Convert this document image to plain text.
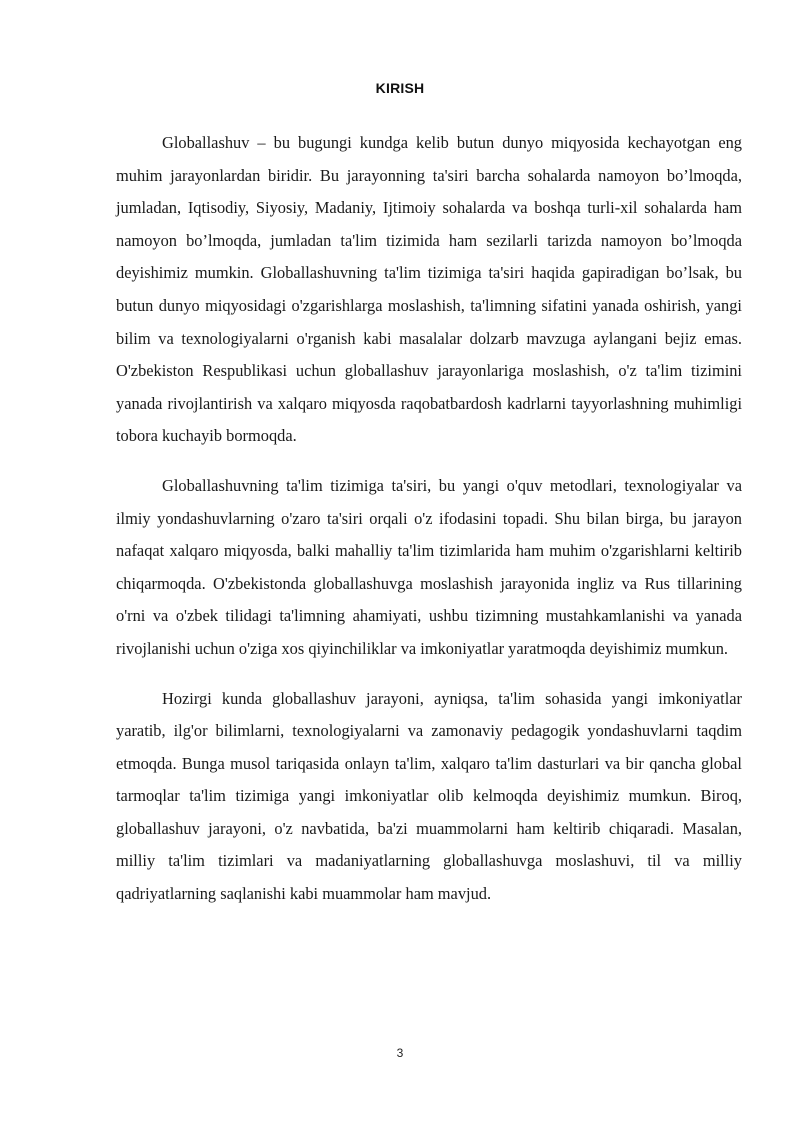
KIRISH

Globallashuv – bu bugungi kundga kelib butun dunyo miqyosida kechayotgan eng muhim jarayonlardan biridir. Bu jarayonning ta'siri barcha sohalarda namoyon bo’lmoqda, jumladan, Iqtisodiy, Siyosiy, Madaniy, Ijtimoiy sohalarda va boshqa turli-xil sohalarda ham namoyon bo’lmoqda, jumladan ta'lim tizimida ham sezilarli tarizda namoyon bo’lmoqda deyishimiz mumkin. Globallashuvning ta'lim tizimiga ta'siri haqida gapiradigan bo’lsak, bu butun dunyo miqyosidagi o'zgarishlarga moslashish, ta'limning sifatini yanada oshirish, yangi bilim va texnologiyalarni o'rganish kabi masalalar dolzarb mavzuga aylangani bejiz emas. O'zbekiston Respublikasi uchun globallashuv jarayonlariga moslashish, o'z ta'lim tizimini yanada rivojlantirish va xalqaro miqyosda raqobatbardosh kadrlarni tayyorlashning muhimligi tobora kuchayib bormoqda.

Globallashuvning ta'lim tizimiga ta'siri, bu yangi o'quv metodlari, texnologiyalar va ilmiy yondashuvlarning o'zaro ta'siri orqali o'z ifodasini topadi. Shu bilan birga, bu jarayon nafaqat xalqaro miqyosda, balki mahalliy ta'lim tizimlarida ham muhim o'zgarishlarni keltirib chiqarmoqda. O'zbekistonda globallashuvga moslashish jarayonida ingliz va Rus tillarining o'rni va o'zbek tilidagi ta'limning ahamiyati, ushbu tizimning mustahkamlanishi va yanada rivojlanishi uchun o'ziga xos qiyinchiliklar va imkoniyatlar yaratmoqda deyishimiz mumkun.

Hozirgi kunda globallashuv jarayoni, ayniqsa, ta'lim sohasida yangi imkoniyatlar yaratib, ilg'or bilimlarni, texnologiyalarni va zamonaviy pedagogik yondashuvlarni taqdim etmoqda. Bunga musol tariqasida onlayn ta'lim, xalqaro ta'lim dasturlari va bir qancha global tarmoqlar ta'lim tizimiga yangi imkoniyatlar olib kelmoqda deyishimiz mumkun. Biroq, globallashuv jarayoni, o'z navbatida, ba'zi muammolarni ham keltirib chiqaradi. Masalan, milliy ta'lim tizimlari va madaniyatlarning globallashuvga moslashuvi, til va milliy qadriyatlarning saqlanishi kabi muammolar ham mavjud.

3
